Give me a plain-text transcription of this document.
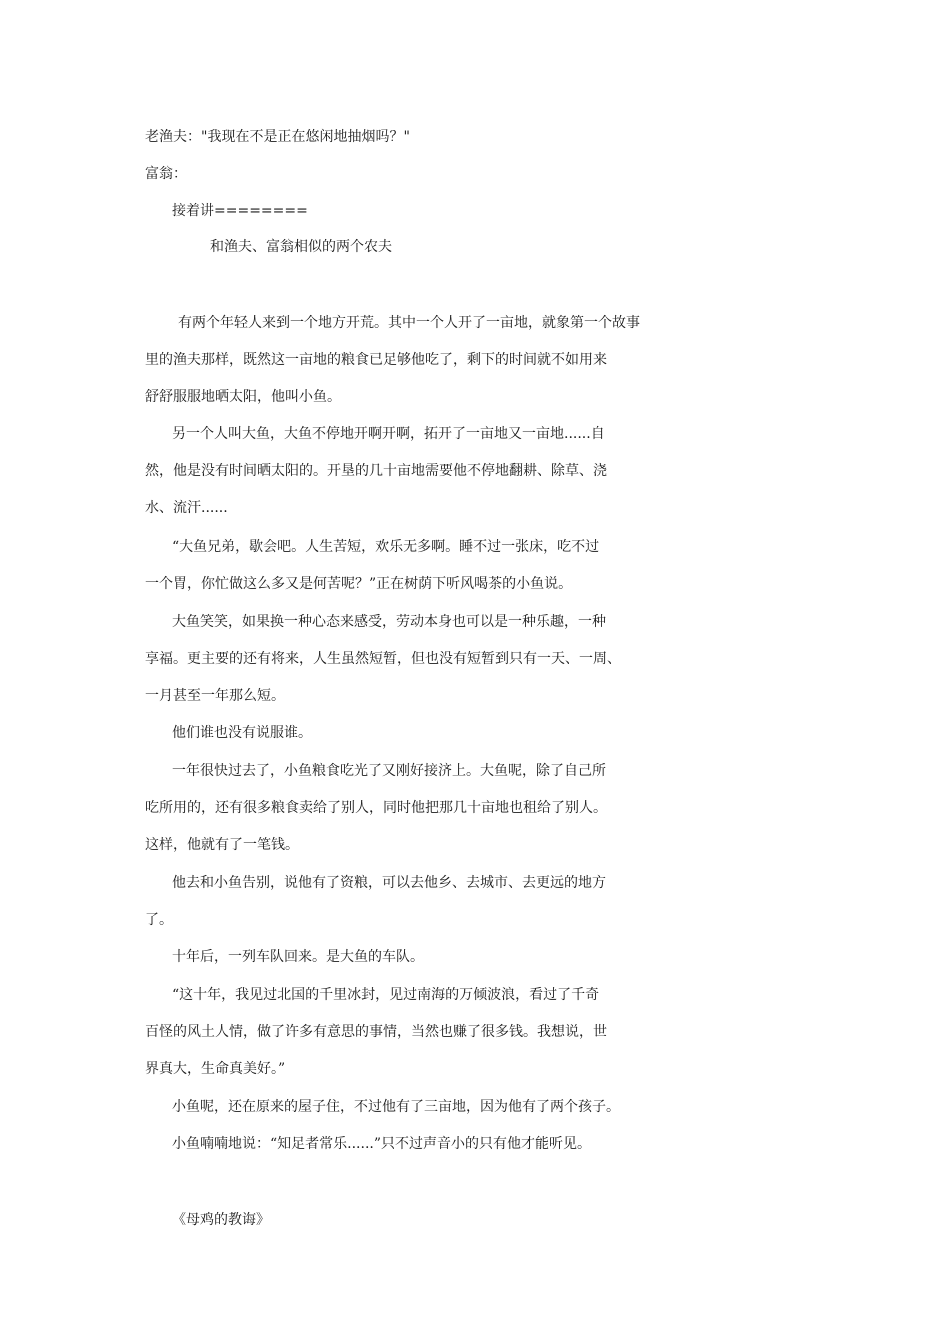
老渔夫："我现在不是正在悠闲地抽烟吗？"
富翁：
接着讲========
和渔夫、富翁相似的两个农夫
有两个年轻人来到一个地方开荒。其中一个人开了一亩地，就象第一个故事
里的渔夫那样，既然这一亩地的粮食已足够他吃了，剩下的时间就不如用来
舒舒服服地晒太阳，他叫小鱼。
另一个人叫大鱼，大鱼不停地开啊开啊，拓开了一亩地又一亩地......自
然，他是没有时间晒太阳的。开垦的几十亩地需要他不停地翻耕、除草、浇
水、流汗......
“大鱼兄弟，歇会吧。人生苦短，欢乐无多啊。睡不过一张床，吃不过
一个胃，你忙做这么多又是何苦呢？”正在树荫下听风喝茶的小鱼说。
大鱼笑笑，如果换一种心态来感受，劳动本身也可以是一种乐趣，一种
享福。更主要的还有将来，人生虽然短暂，但也没有短暂到只有一天、一周、
一月甚至一年那么短。
他们谁也没有说服谁。
一年很快过去了，小鱼粮食吃光了又刚好接济上。大鱼呢，除了自己所
吃所用的，还有很多粮食卖给了别人，同时他把那几十亩地也租给了别人。
这样，他就有了一笔钱。
他去和小鱼告别，说他有了资粮，可以去他乡、去城市、去更远的地方
了。
十年后，一列车队回来。是大鱼的车队。
“这十年，我见过北国的千里冰封，见过南海的万倾波浪，看过了千奇
百怪的风土人情，做了许多有意思的事情，当然也赚了很多钱。我想说，世
界真大，生命真美好。”
小鱼呢，还在原来的屋子住，不过他有了三亩地，因为他有了两个孩子。
小鱼喃喃地说：“知足者常乐......”只不过声音小的只有他才能听见。
《母鸡的教诲》
